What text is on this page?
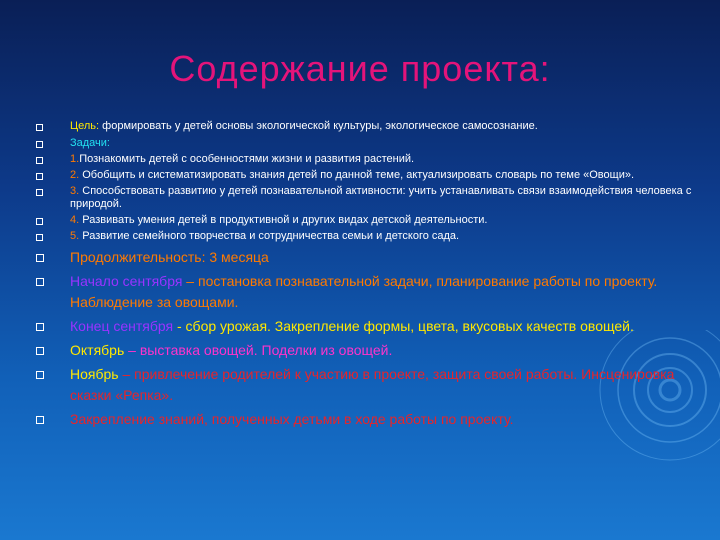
Содержание проекта:
Цель: формировать у детей основы экологической культуры, экологическое самосознание.
Задачи:
1.Познакомить детей с особенностями жизни и развития растений.
2. Обобщить и систематизировать знания детей по данной теме, актуализировать словарь по теме «Овощи».
3. Способствовать развитию у детей познавательной активности: учить устанавливать связи взаимодействия человека с природой.
4. Развивать умения детей в продуктивной и других видах детской деятельности.
5. Развитие семейного творчества и сотрудничества семьи и детского сада.
Продолжительность: 3 месяца
Начало сентября – постановка познавательной задачи, планирование работы по проекту. Наблюдение за овощами.
Конец сентября - сбор урожая. Закрепление формы, цвета, вкусовых качеств овощей.
Октябрь – выставка овощей. Поделки из овощей.
Ноябрь – привлечение родителей к участию в проекте, защита своей работы. Инсценировка сказки «Репка».
Закрепление знаний, полученных детьми в ходе работы по проекту.
